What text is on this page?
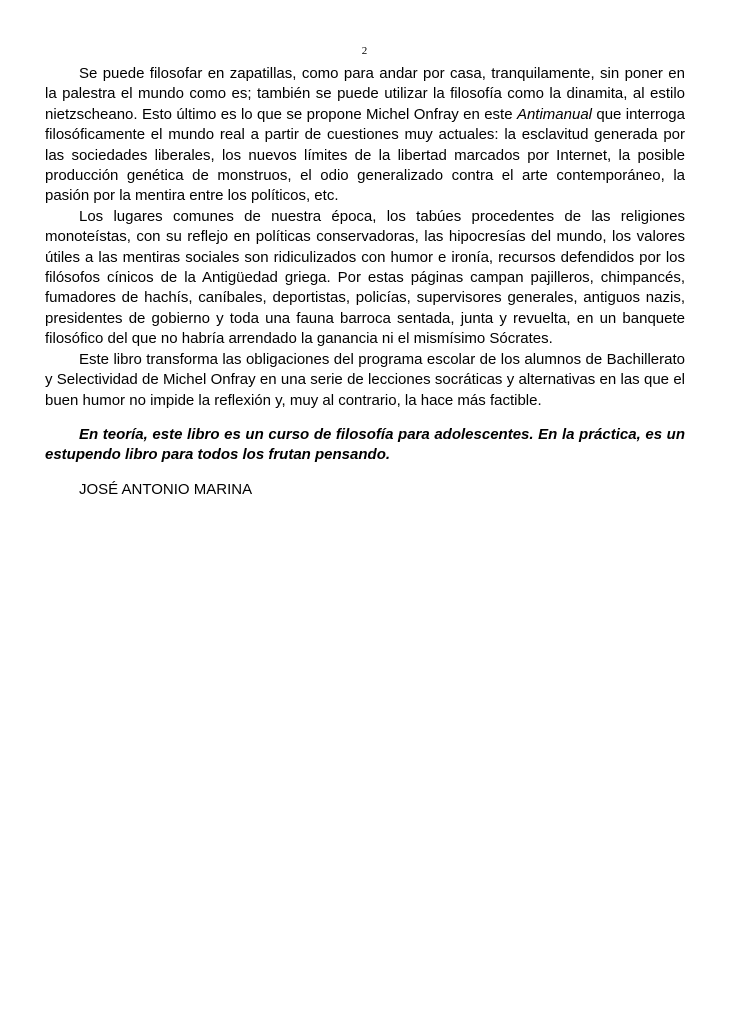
2

Se puede filosofar en zapatillas, como para andar por casa, tranquilamente, sin poner en la palestra el mundo como es; también se puede utilizar la filosofía como la dinamita, al estilo nietzscheano. Esto último es lo que se propone Michel Onfray en este Antimanual que interroga filosóficamente el mundo real a partir de cuestiones muy actuales: la esclavitud generada por las sociedades liberales, los nuevos límites de la libertad marcados por Internet, la posible producción genética de monstruos, el odio generalizado contra el arte contemporáneo, la pasión por la mentira entre los políticos, etc.

Los lugares comunes de nuestra época, los tabúes procedentes de las religiones monoteístas, con su reflejo en políticas conservadoras, las hipocresías del mundo, los valores útiles a las mentiras sociales son ridiculizados con humor e ironía, recursos defendidos por los filósofos cínicos de la Antigüedad griega. Por estas páginas campan pajilleros, chimpancés, fumadores de hachís, caníbales, deportistas, policías, supervisores generales, antiguos nazis, presidentes de gobierno y toda una fauna barroca sentada, junta y revuelta, en un banquete filosófico del que no habría arrendado la ganancia ni el mismísimo Sócrates.

Este libro transforma las obligaciones del programa escolar de los alumnos de Bachillerato y Selectividad de Michel Onfray en una serie de lecciones socráticas y alternativas en las que el buen humor no impide la reflexión y, muy al contrario, la hace más factible.

En teoría, este libro es un curso de filosofía para adolescentes. En la práctica, es un estupendo libro para todos los frutan pensando.

JOSÉ ANTONIO MARINA
